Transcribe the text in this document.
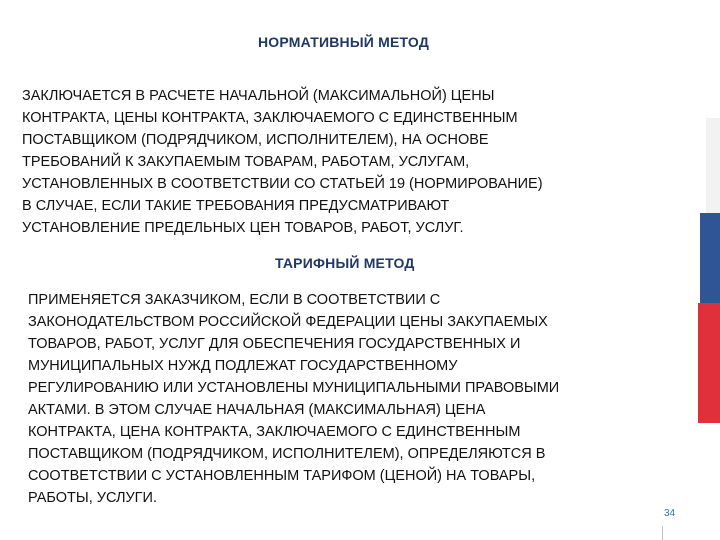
НОРМАТИВНЫЙ МЕТОД
ЗАКЛЮЧАЕТСЯ В РАСЧЕТЕ НАЧАЛЬНОЙ (МАКСИМАЛЬНОЙ) ЦЕНЫ
КОНТРАКТА, ЦЕНЫ КОНТРАКТА, ЗАКЛЮЧАЕМОГО С ЕДИНСТВЕННЫМ
ПОСТАВЩИКОМ (ПОДРЯДЧИКОМ, ИСПОЛНИТЕЛЕМ), НА ОСНОВЕ
ТРЕБОВАНИЙ К ЗАКУПАЕМЫМ ТОВАРАМ, РАБОТАМ, УСЛУГАМ,
УСТАНОВЛЕННЫХ В СООТВЕТСТВИИ СО СТАТЬЕЙ 19 (НОРМИРОВАНИЕ)
В СЛУЧАЕ, ЕСЛИ ТАКИЕ ТРЕБОВАНИЯ ПРЕДУСМАТРИВАЮТ
УСТАНОВЛЕНИЕ ПРЕДЕЛЬНЫХ ЦЕН ТОВАРОВ, РАБОТ, УСЛУГ.
ТАРИФНЫЙ МЕТОД
ПРИМЕНЯЕТСЯ ЗАКАЗЧИКОМ, ЕСЛИ В СООТВЕТСТВИИ С
ЗАКОНОДАТЕЛЬСТВОМ РОССИЙСКОЙ ФЕДЕРАЦИИ ЦЕНЫ ЗАКУПАЕМЫХ
ТОВАРОВ, РАБОТ, УСЛУГ ДЛЯ ОБЕСПЕЧЕНИЯ ГОСУДАРСТВЕННЫХ И
МУНИЦИПАЛЬНЫХ НУЖД ПОДЛЕЖАТ ГОСУДАРСТВЕННОМУ
РЕГУЛИРОВАНИЮ ИЛИ УСТАНОВЛЕНЫ МУНИЦИПАЛЬНЫМИ ПРАВОВЫМИ
АКТАМИ. В ЭТОМ СЛУЧАЕ НАЧАЛЬНАЯ (МАКСИМАЛЬНАЯ) ЦЕНА
КОНТРАКТА, ЦЕНА КОНТРАКТА, ЗАКЛЮЧАЕМОГО С ЕДИНСТВЕННЫМ
ПОСТАВЩИКОМ (ПОДРЯДЧИКОМ, ИСПОЛНИТЕЛЕМ), ОПРЕДЕЛЯЮТСЯ В
СООТВЕТСТВИИ С УСТАНОВЛЕННЫМ ТАРИФОМ (ЦЕНОЙ) НА ТОВАРЫ,
РАБОТЫ, УСЛУГИ.
34
